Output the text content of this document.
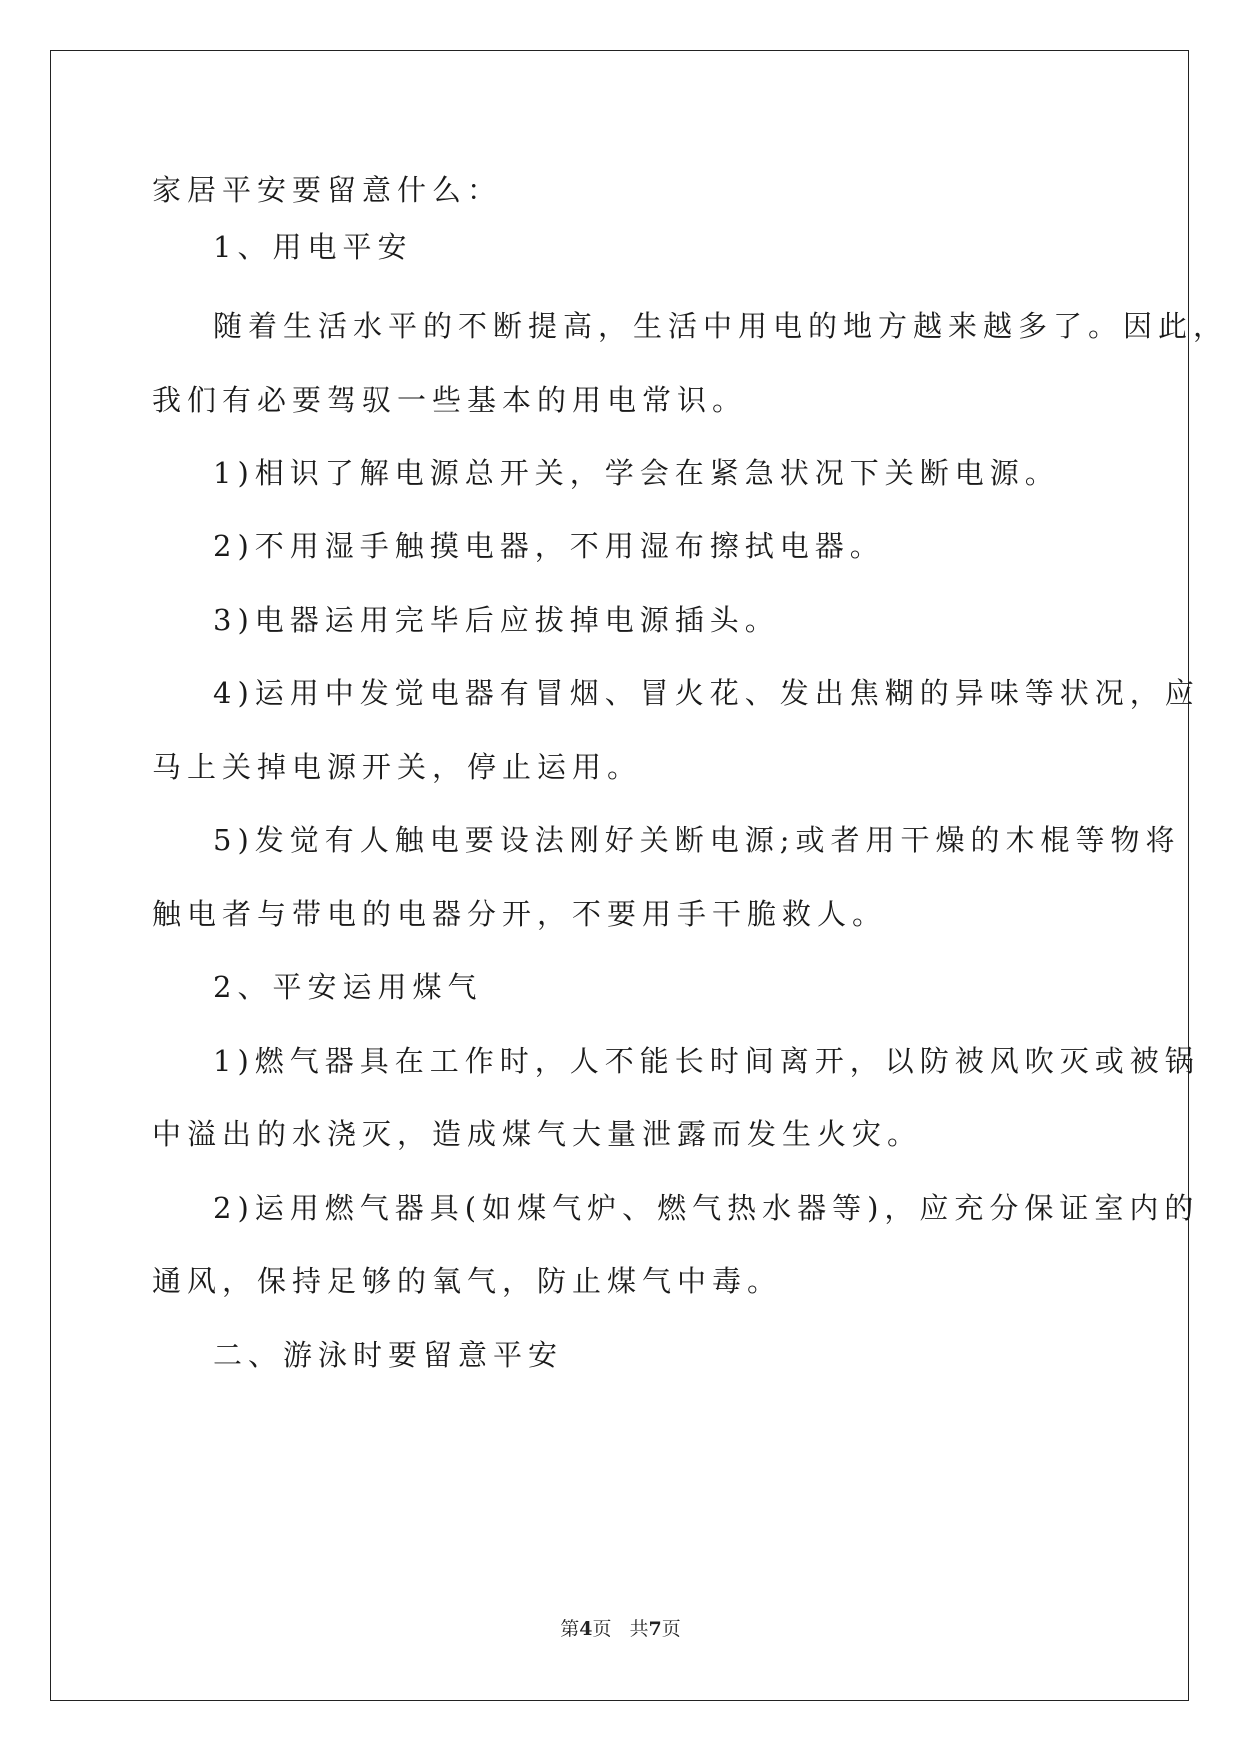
家居平安要留意什么：
1、用电平安
随着生活水平的不断提高，生活中用电的地方越来越多了。因此，
我们有必要驾驭一些基本的用电常识。
1)相识了解电源总开关，学会在紧急状况下关断电源。
2)不用湿手触摸电器，不用湿布擦拭电器。
3)电器运用完毕后应拔掉电源插头。
4)运用中发觉电器有冒烟、冒火花、发出焦糊的异味等状况，应
马上关掉电源开关，停止运用。
5)发觉有人触电要设法刚好关断电源;或者用干燥的木棍等物将
触电者与带电的电器分开，不要用手干脆救人。
2、平安运用煤气
1)燃气器具在工作时，人不能长时间离开，以防被风吹灭或被锅
中溢出的水浇灭，造成煤气大量泄露而发生火灾。
2)运用燃气器具(如煤气炉、燃气热水器等)，应充分保证室内的
通风，保持足够的氧气，防止煤气中毒。
二、游泳时要留意平安
第4页 共7页
